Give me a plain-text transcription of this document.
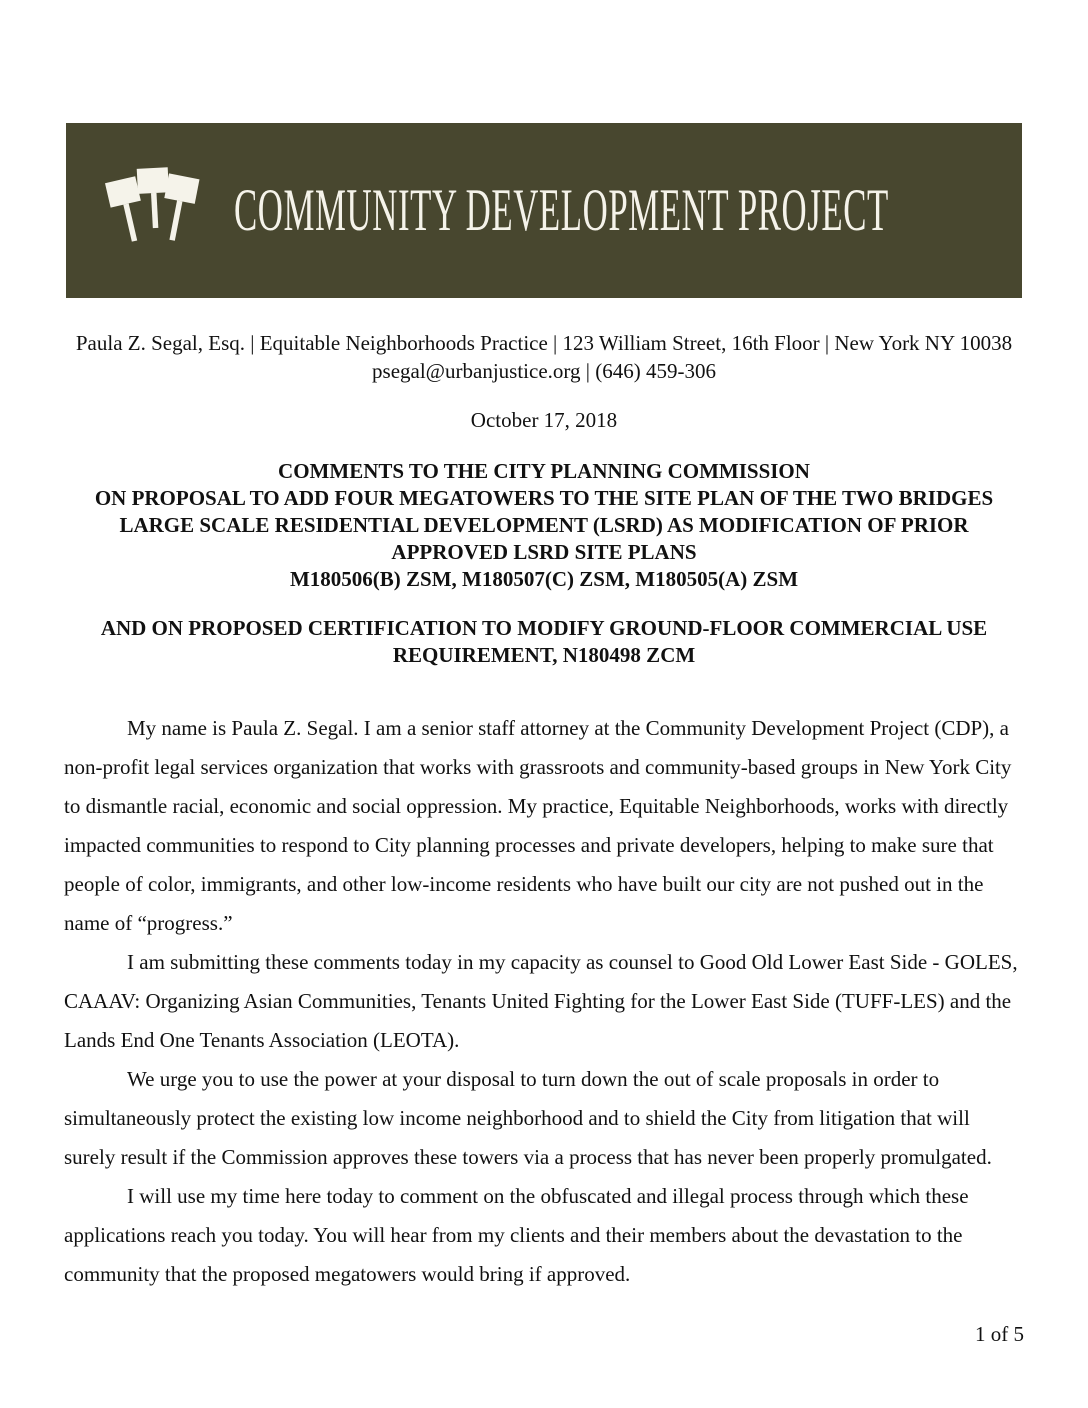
COMMUNITY DEVELOPMENT PROJECT
Paula Z. Segal, Esq. | Equitable Neighborhoods Practice | 123 William Street, 16th Floor | New York NY 10038
psegal@urbanjustice.org | (646) 459-306
October 17, 2018
COMMENTS TO THE CITY PLANNING COMMISSION
ON PROPOSAL TO ADD FOUR MEGATOWERS TO THE SITE PLAN OF THE TWO BRIDGES
LARGE SCALE RESIDENTIAL DEVELOPMENT (LSRD) AS MODIFICATION OF PRIOR
APPROVED LSRD SITE PLANS
M180506(B) ZSM, M180507(C) ZSM, M180505(A) ZSM
AND ON PROPOSED CERTIFICATION TO MODIFY GROUND-FLOOR COMMERCIAL USE
REQUIREMENT, N180498 ZCM

My name is Paula Z. Segal. I am a senior staff attorney at the Community Development Project (CDP), a non-profit legal services organization that works with grassroots and community-based groups in New York City to dismantle racial, economic and social oppression. My practice, Equitable Neighborhoods, works with directly impacted communities to respond to City planning processes and private developers, helping to make sure that people of color, immigrants, and other low-income residents who have built our city are not pushed out in the name of “progress.”

I am submitting these comments today in my capacity as counsel to Good Old Lower East Side - GOLES, CAAAV: Organizing Asian Communities, Tenants United Fighting for the Lower East Side (TUFF-LES) and the Lands End One Tenants Association (LEOTA).

We urge you to use the power at your disposal to turn down the out of scale proposals in order to simultaneously protect the existing low income neighborhood and to shield the City from litigation that will surely result if the Commission approves these towers via a process that has never been properly promulgated.

I will use my time here today to comment on the obfuscated and illegal process through which these applications reach you today. You will hear from my clients and their members about the devastation to the community that the proposed megatowers would bring if approved.

1 of 5
